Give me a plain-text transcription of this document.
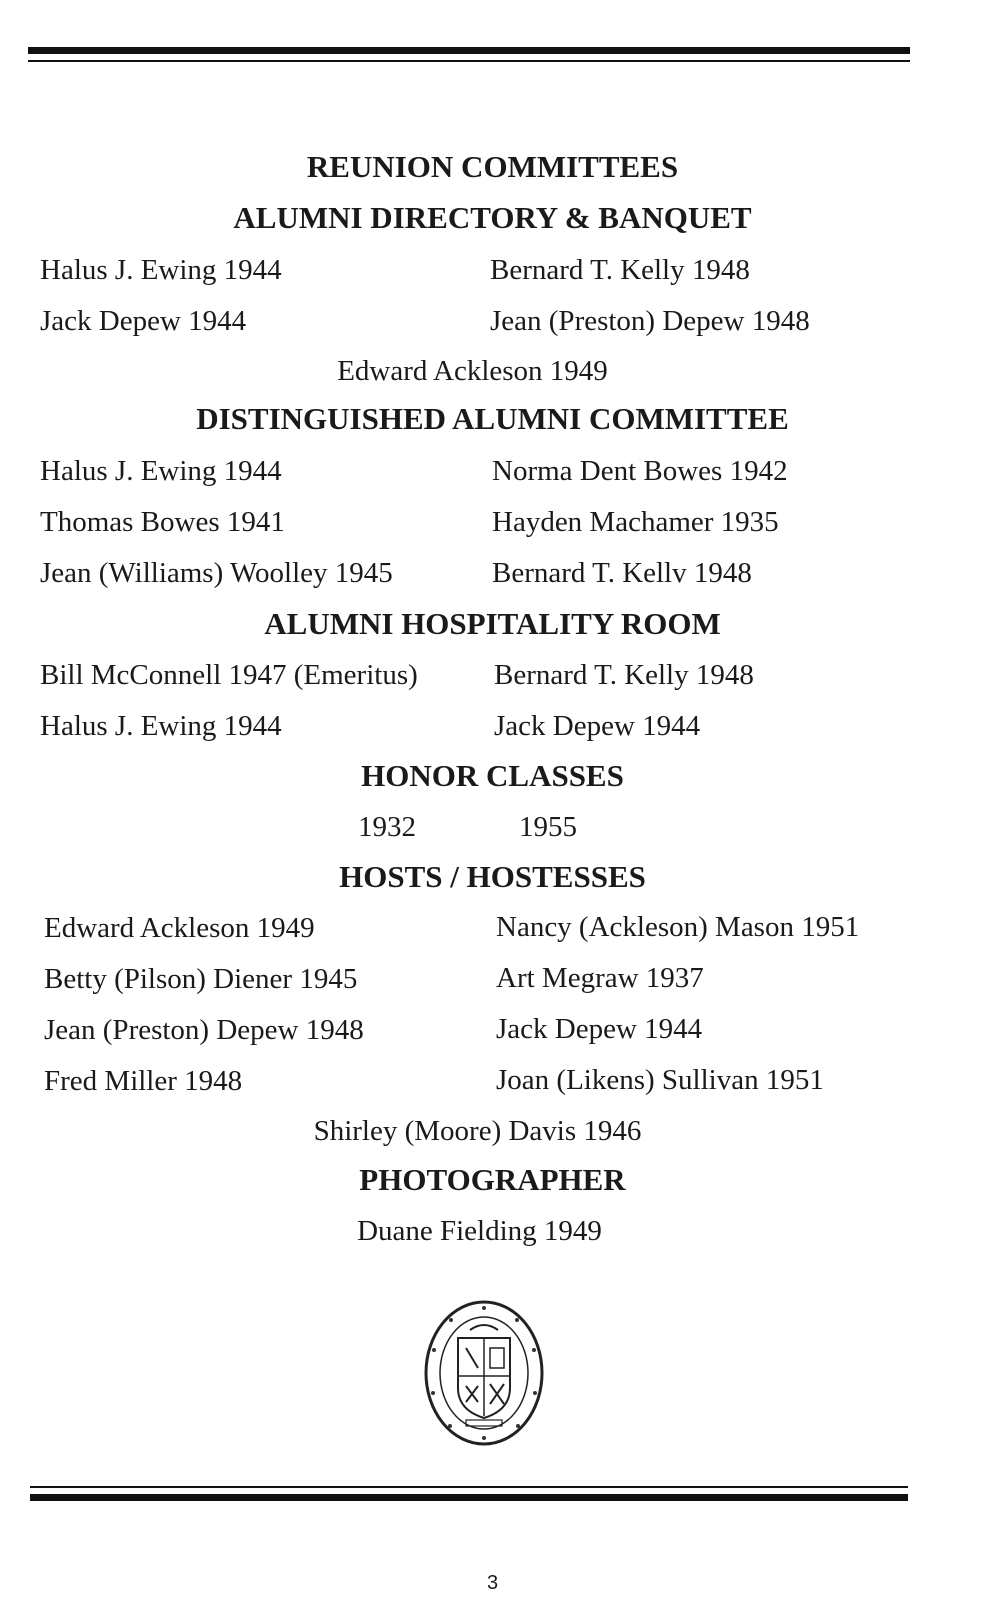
REUNION COMMITTEES
ALUMNI DIRECTORY & BANQUET
Halus J. Ewing 1944	Bernard T. Kelly 1948
Jack Depew 1944	Jean (Preston) Depew 1948
Edward Ackleson 1949
DISTINGUISHED ALUMNI COMMITTEE
Halus J. Ewing 1944	Norma Dent Bowes 1942
Thomas Bowes 1941	Hayden Machamer 1935
Jean (Williams) Woolley 1945	Bernard T. Kellv 1948
ALUMNI HOSPITALITY ROOM
Bill McConnell 1947 (Emeritus)	Bernard T. Kelly 1948
Halus J. Ewing 1944	Jack Depew 1944
HONOR CLASSES
1932	1955
HOSTS / HOSTESSES
Edward Ackleson 1949	Nancy (Ackleson) Mason 1951
Betty (Pilson) Diener 1945	Art Megraw 1937
Jean (Preston) Depew 1948	Jack Depew 1944
Fred Miller 1948	Joan (Likens) Sullivan 1951
Shirley (Moore) Davis 1946
PHOTOGRAPHER
Duane Fielding 1949
3
